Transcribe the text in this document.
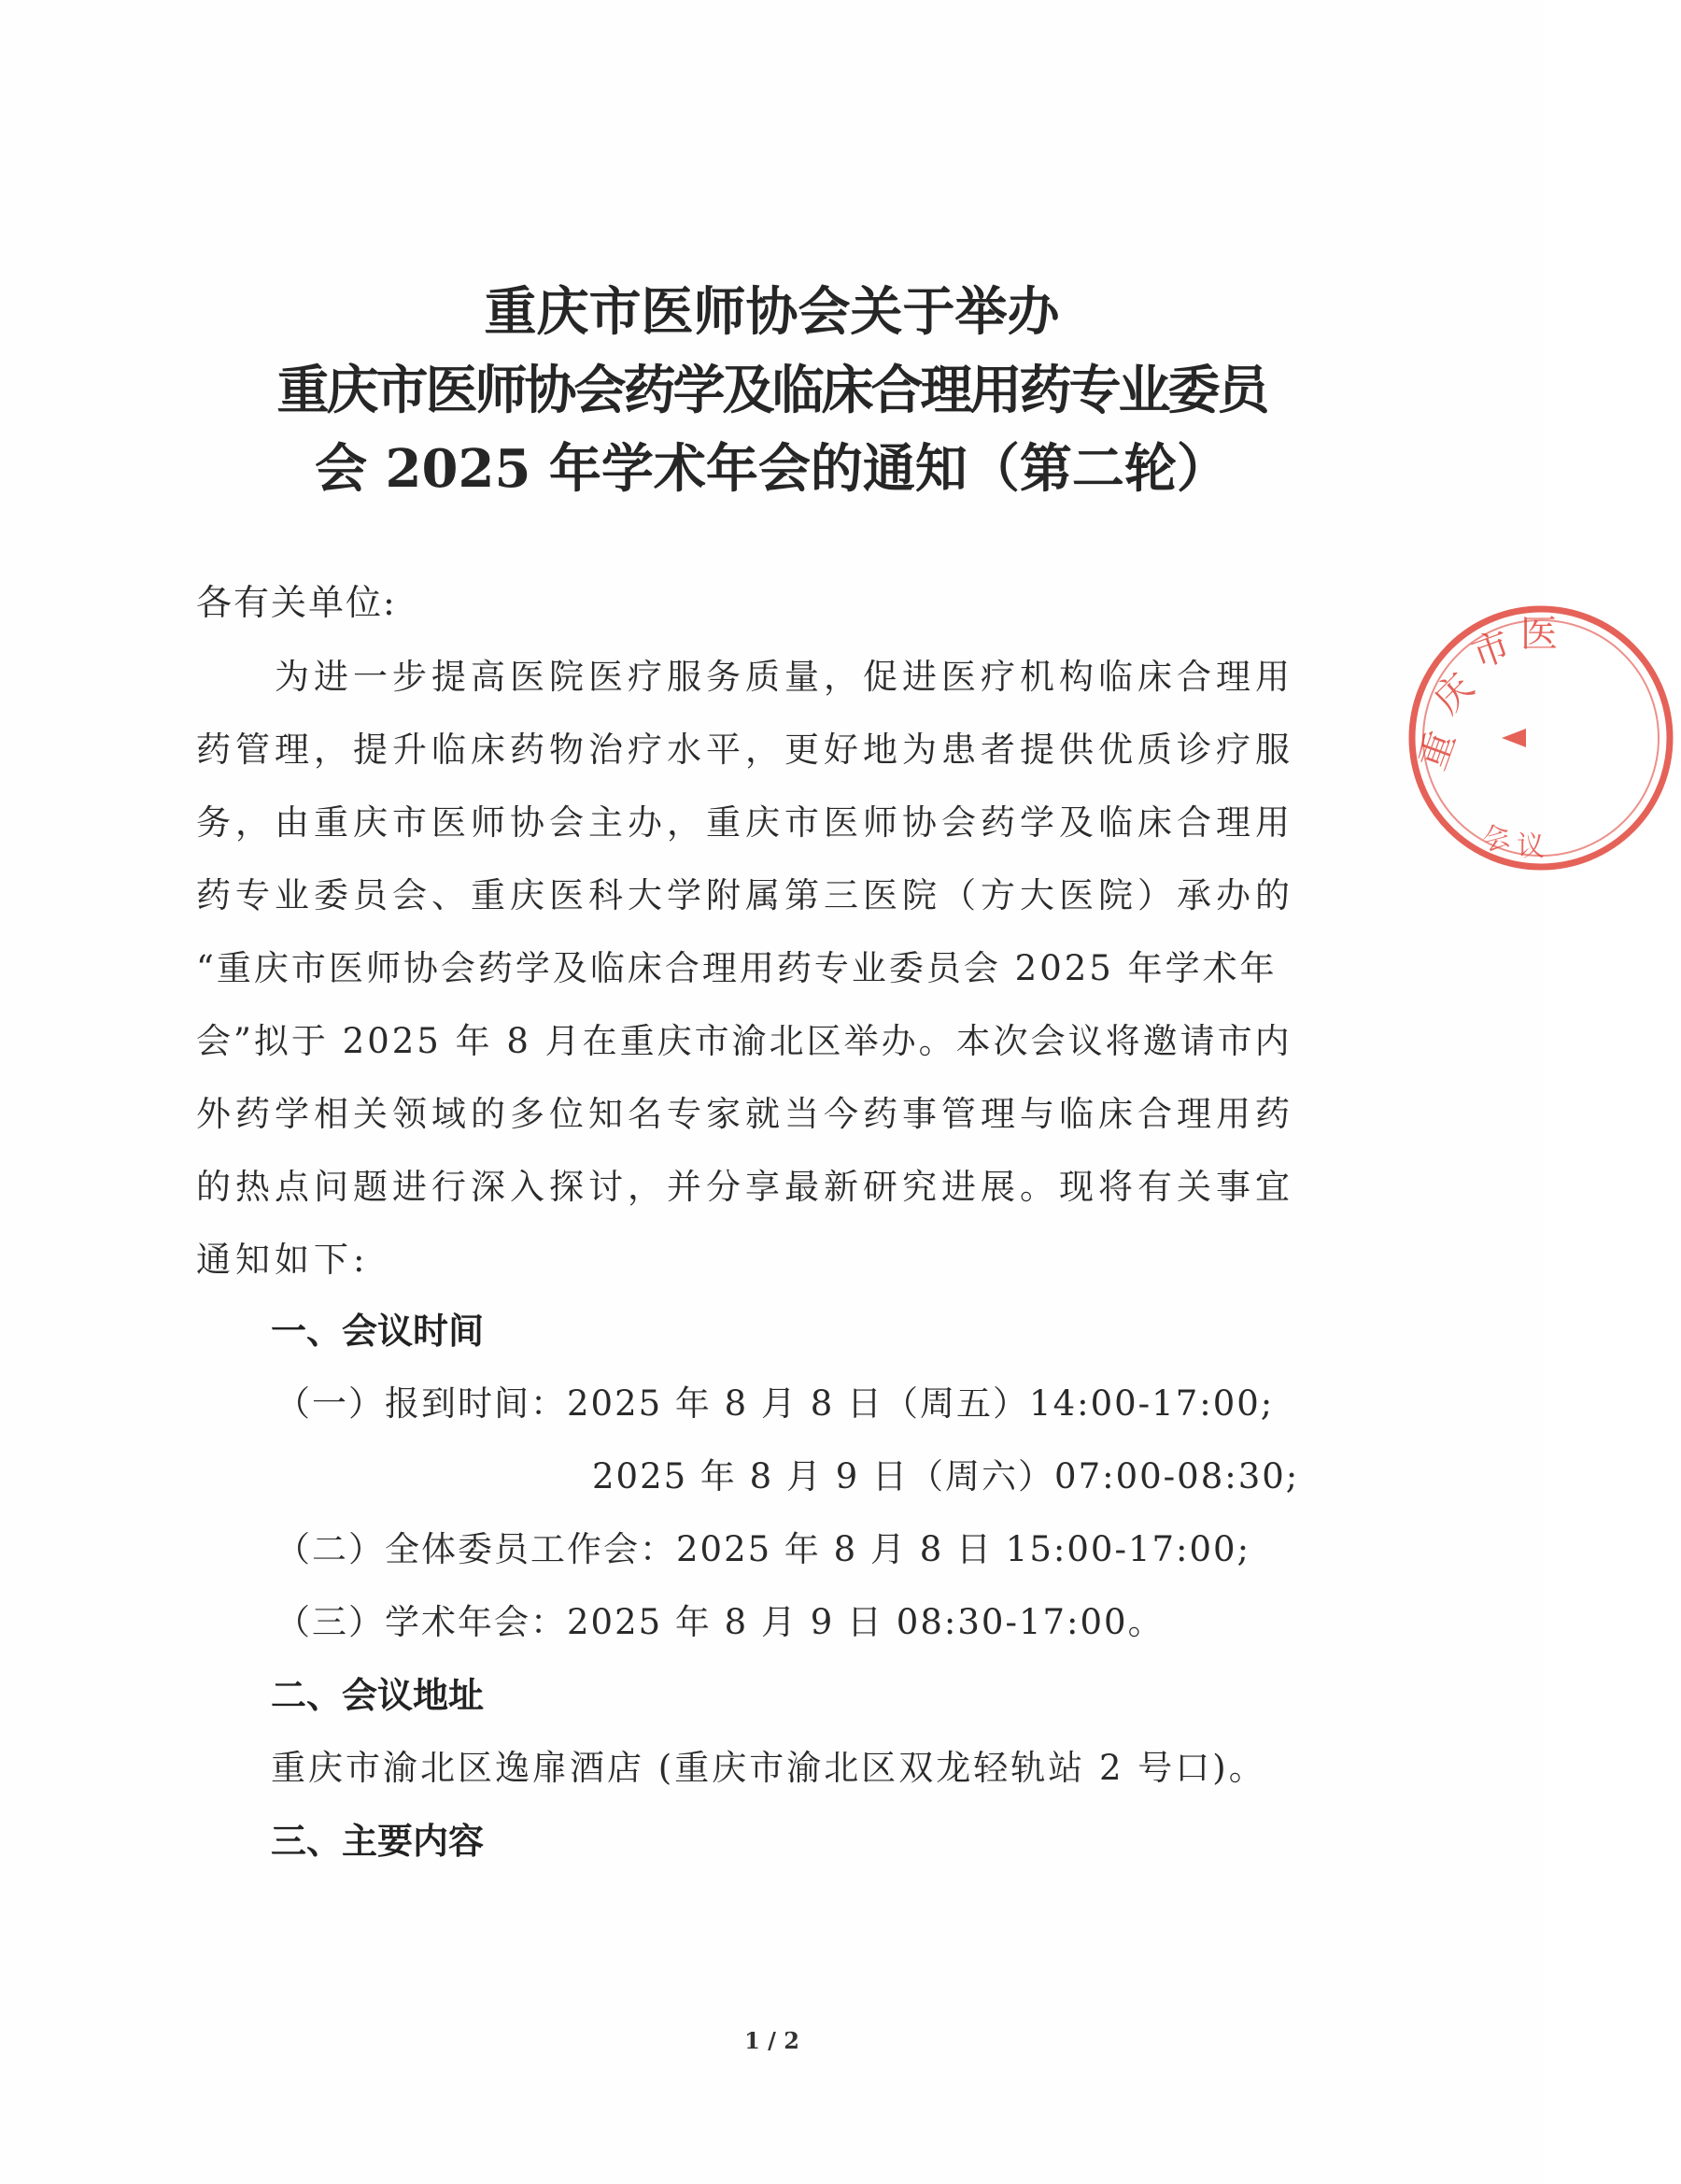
重庆市医师协会关于举办
重庆市医师协会药学及临床合理用药专业委员
会 2025 年学术年会的通知（第二轮）
各有关单位:
为进一步提高医院医疗服务质量，促进医疗机构临床合理用
药管理，提升临床药物治疗水平，更好地为患者提供优质诊疗服
务，由重庆市医师协会主办，重庆市医师协会药学及临床合理用
药专业委员会、重庆医科大学附属第三医院（方大医院）承办的
“重庆市医师协会药学及临床合理用药专业委员会 2025 年学术年
会”拟于 2025 年 8 月在重庆市渝北区举办。本次会议将邀请市内
外药学相关领域的多位知名专家就当今药事管理与临床合理用药
的热点问题进行深入探讨，并分享最新研究进展。现将有关事宜
通知如下:
一、会议时间
（一）报到时间：2025 年 8 月 8 日（周五）14:00-17:00;
2025 年 8 月 9 日（周六）07:00-08:30;
（二）全体委员工作会：2025 年 8 月 8 日 15:00-17:00;
（三）学术年会：2025 年 8 月 9 日 08:30-17:00。
二、会议地址
重庆市渝北区逸扉酒店 (重庆市渝北区双龙轻轨站 2 号口)。
三、主要内容
1 / 2
重
庆
市 医
会 议
